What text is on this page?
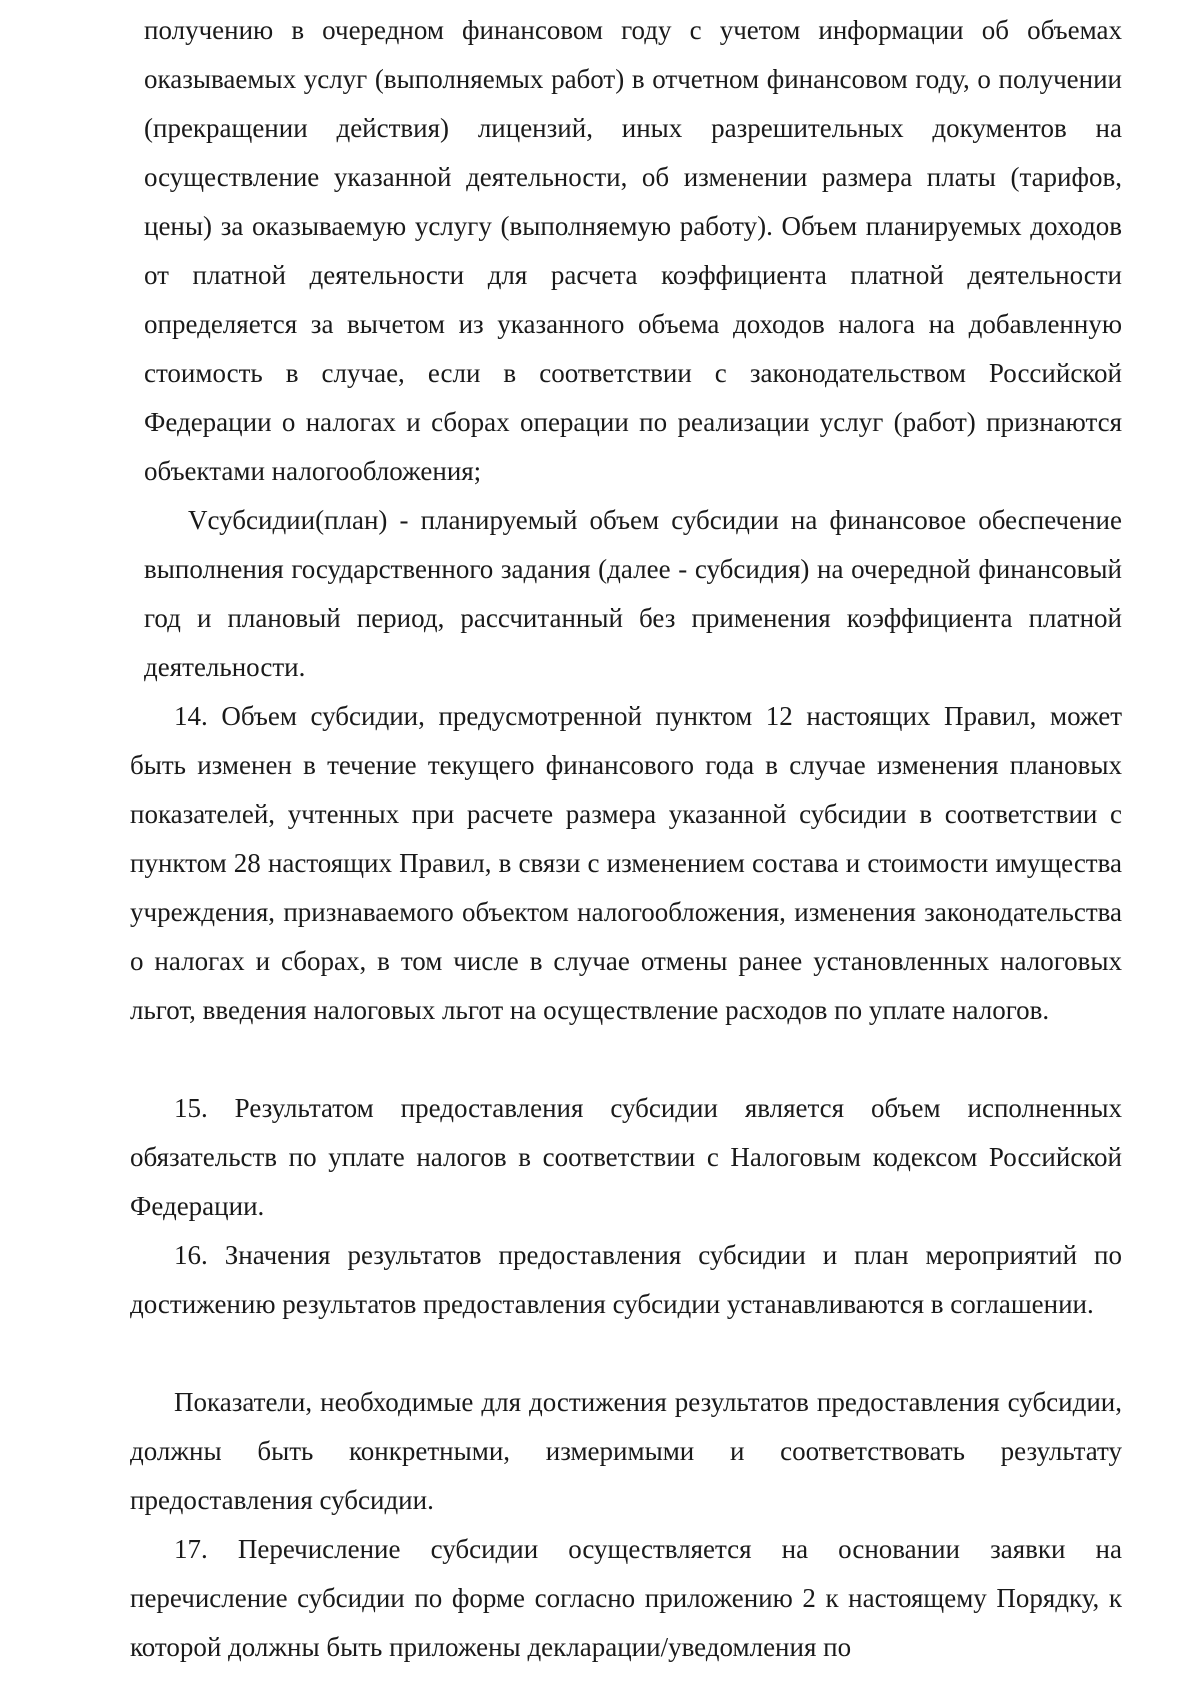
получению в очередном финансовом году с учетом информации об объемах оказываемых услуг (выполняемых работ) в отчетном финансовом году, о получении (прекращении действия) лицензий, иных разрешительных документов на осуществление указанной деятельности, об изменении размера платы (тарифов, цены) за оказываемую услугу (выполняемую работу). Объем планируемых доходов от платной деятельности для расчета коэффициента платной деятельности определяется за вычетом из указанного объема доходов налога на добавленную стоимость в случае, если в соответствии с законодательством Российской Федерации о налогах и сборах операции по реализации услуг (работ) признаются объектами налогообложения;

Vсубсидии(план) - планируемый объем субсидии на финансовое обеспечение выполнения государственного задания (далее - субсидия) на очередной финансовый год и плановый период, рассчитанный без применения коэффициента платной деятельности.

14. Объем субсидии, предусмотренной пунктом 12 настоящих Правил, может быть изменен в течение текущего финансового года в случае изменения плановых показателей, учтенных при расчете размера указанной субсидии в соответствии с пунктом 28 настоящих Правил, в связи с изменением состава и стоимости имущества учреждения, признаваемого объектом налогообложения, изменения законодательства о налогах и сборах, в том числе в случае отмены ранее установленных налоговых льгот, введения налоговых льгот на осуществление расходов по уплате налогов.

15. Результатом предоставления субсидии является объем исполненных обязательств по уплате налогов в соответствии с Налоговым кодексом Российской Федерации.

16. Значения результатов предоставления субсидии и план мероприятий по достижению результатов предоставления субсидии устанавливаются в соглашении.

Показатели, необходимые для достижения результатов предоставления субсидии, должны быть конкретными, измеримыми и соответствовать результату предоставления субсидии.

17. Перечисление субсидии осуществляется на основании заявки на перечисление субсидии по форме согласно приложению 2 к настоящему Порядку, к которой должны быть приложены декларации/уведомления по
